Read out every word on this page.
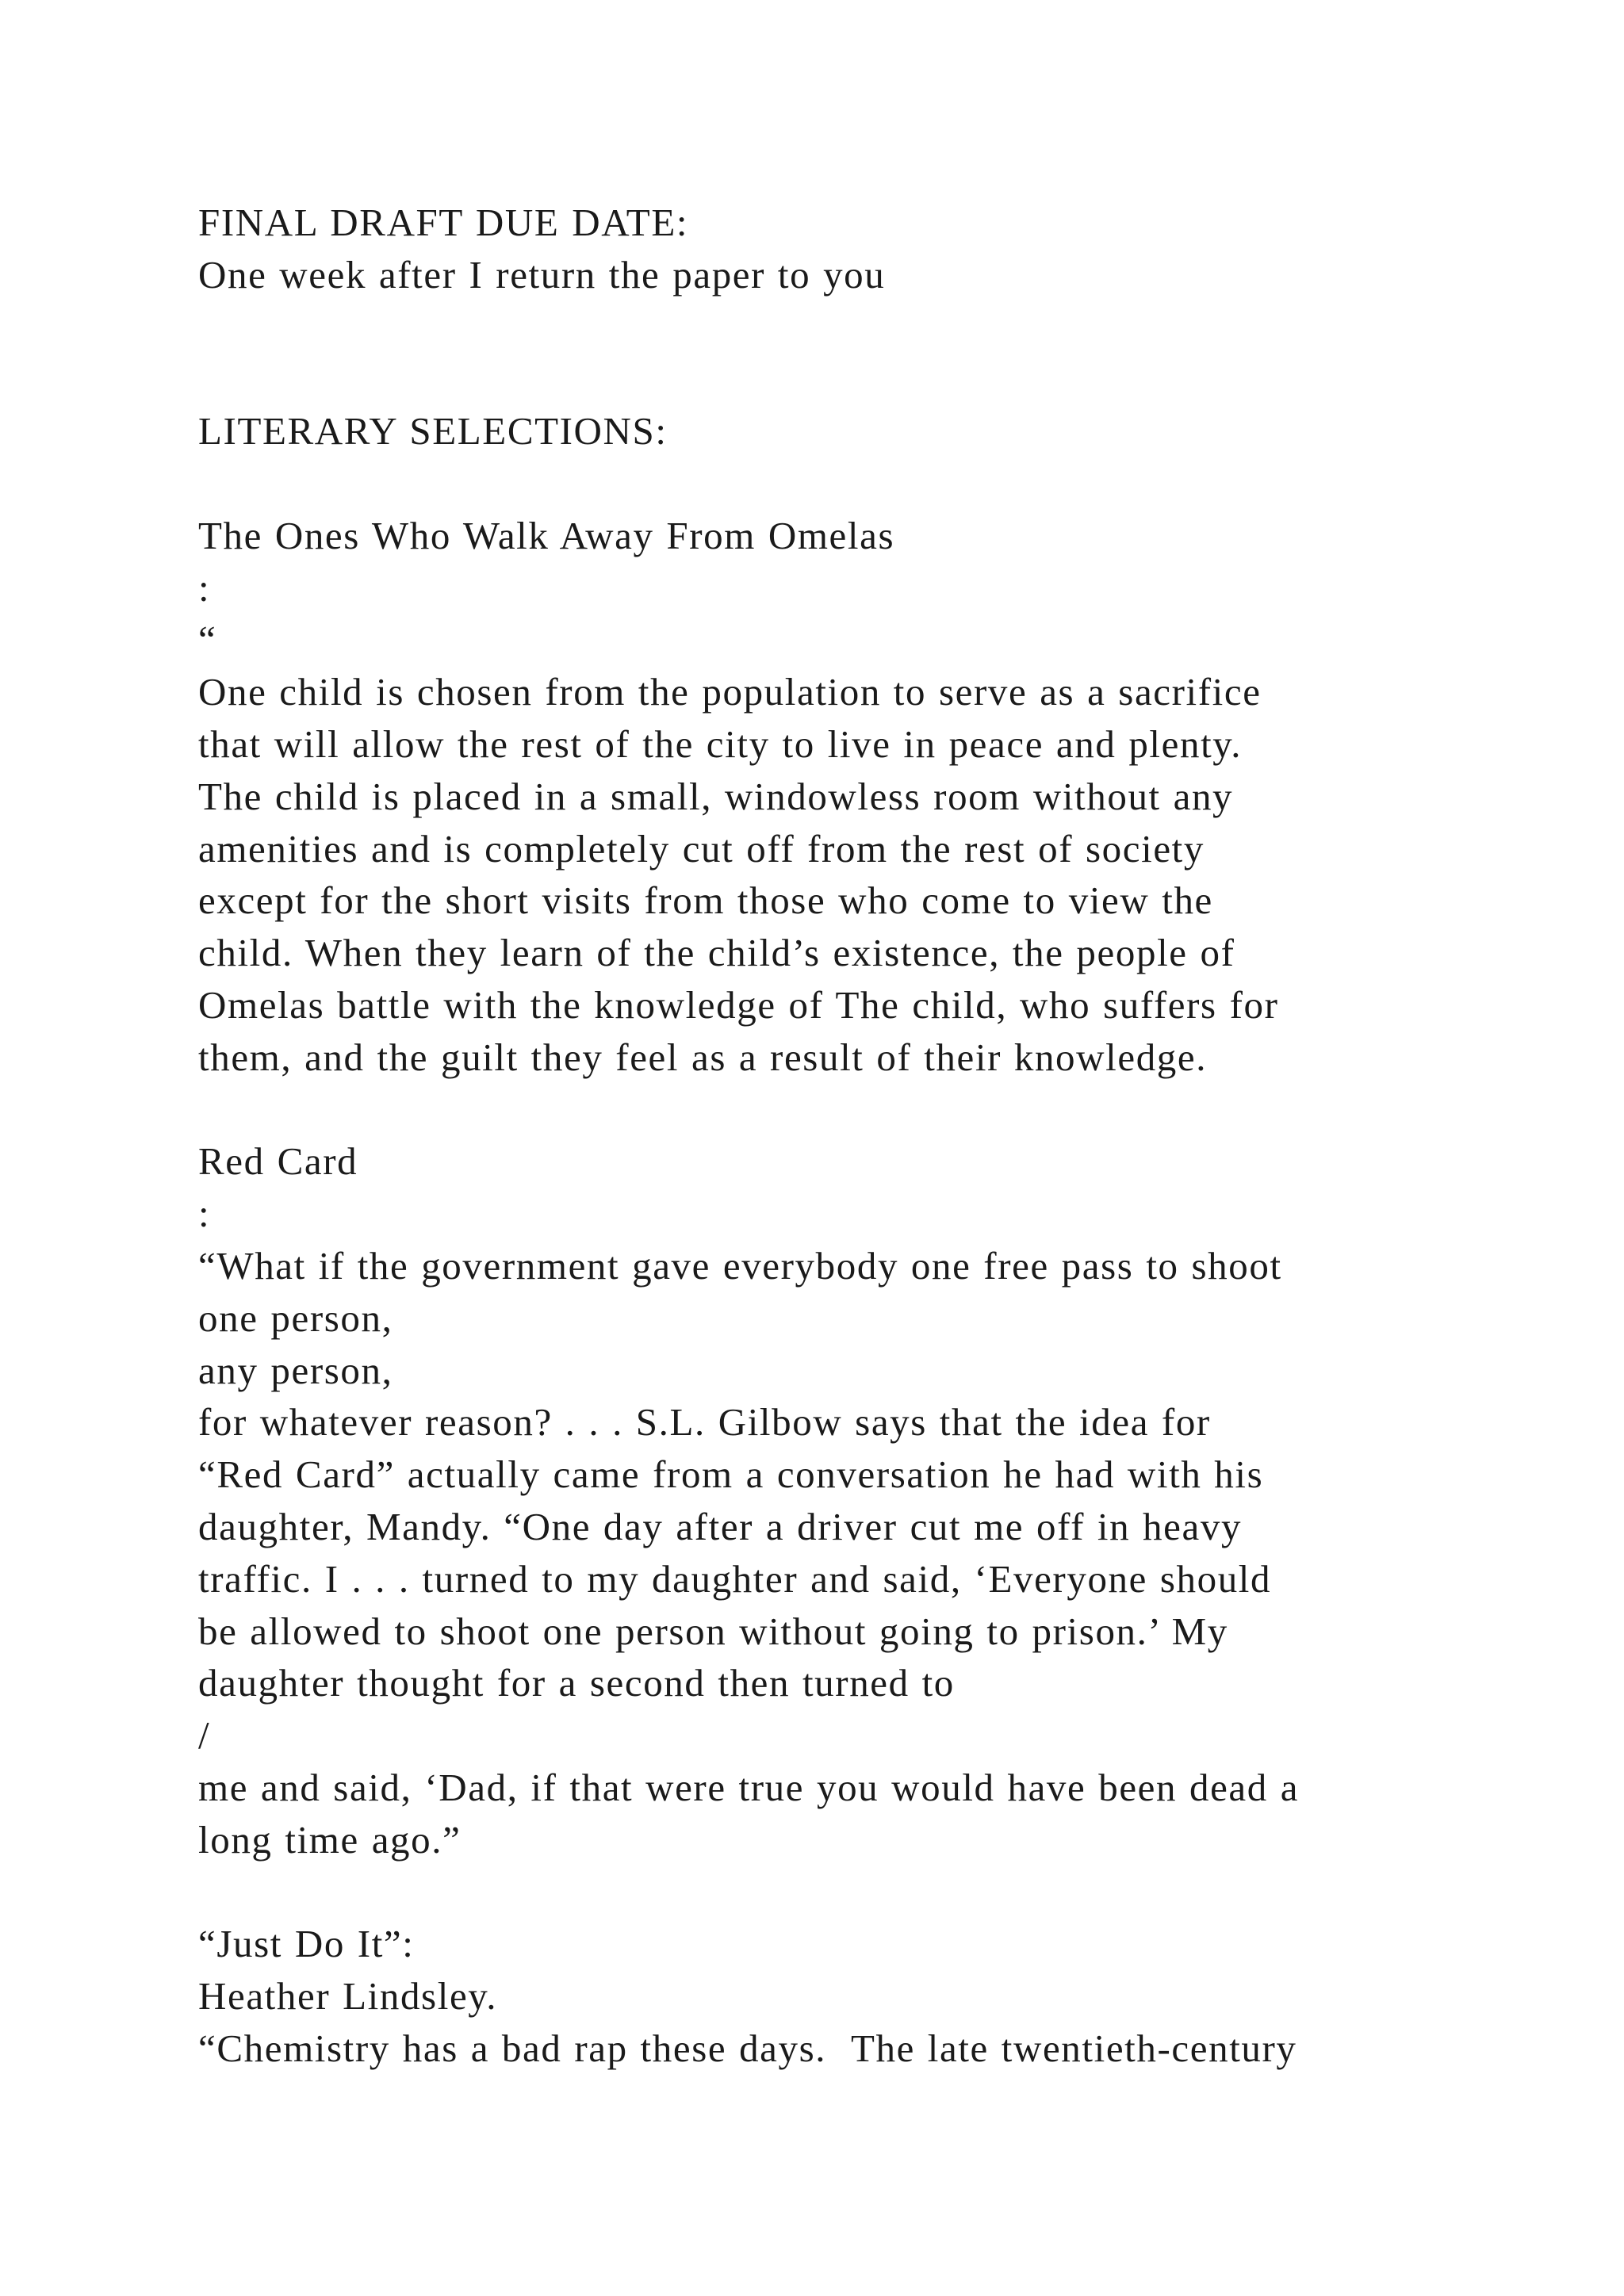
FINAL DRAFT DUE DATE:
One week after I return the paper to you
LITERARY SELECTIONS:
The Ones Who Walk Away From Omelas
:
“
One child is chosen from the population to serve as a sacrifice
that will allow the rest of the city to live in peace and plenty.
The child is placed in a small, windowless room without any
amenities and is completely cut off from the rest of society
except for the short visits from those who come to view the
child. When they learn of the child’s existence, the people of
Omelas battle with the knowledge of The child, who suffers for
them, and the guilt they feel as a result of their knowledge.
Red Card
:
“What if the government gave everybody one free pass to shoot
one person,
any person,
for whatever reason? . . . S.L. Gilbow says that the idea for
“Red Card” actually came from a conversation he had with his
daughter, Mandy. “One day after a driver cut me off in heavy
traffic. I . . . turned to my daughter and said, ‘Everyone should
be allowed to shoot one person without going to prison.’ My
daughter thought for a second then turned to
/
me and said, ‘Dad, if that were true you would have been dead a
long time ago.”
“Just Do It”:
Heather Lindsley.
“Chemistry has a bad rap these days.  The late twentieth-century
